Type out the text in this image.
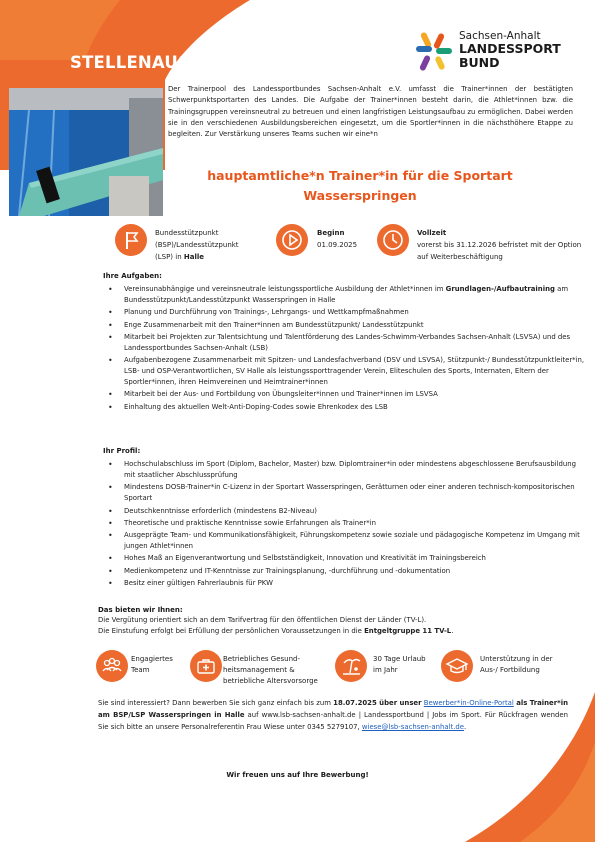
STELLENAUSSCHREIBUNG
Sachsen-Anhalt
LANDESSPORT
BUND
Der Trainerpool des Landessportbundes Sachsen-Anhalt e.V. umfasst die Trainer*innen der bestätigten Schwerpunktsportarten des Landes. Die Aufgabe der Trainer*innen besteht darin, die Athlet*innen bzw. die Trainingsgruppen vereinsneutral zu betreuen und einen langfristigen Leistungsaufbau zu ermöglichen. Dabei werden sie in den verschiedenen Ausbildungsbereichen eingesetzt, um die Sportler*innen in die nächsthöhere Etappe zu begleiten. Zur Verstärkung unseres Teams suchen wir eine*n
hauptamtliche*n Trainer*in für die Sportart
Wasserspringen
Bundesstützpunkt
(BSP)/Landesstützpunkt
(LSP) in Halle
Beginn
01.09.2025
Vollzeit
vorerst bis 31.12.2026 befristet mit der Option auf Weiterbeschäftigung
Ihre Aufgaben:
• Vereinsunabhängige und vereinsneutrale leistungssportliche Ausbildung der Athlet*innen im Grundlagen-/Aufbautraining am Bundesstützpunkt/Landesstützpunkt Wasserspringen in Halle
• Planung und Durchführung von Trainings-, Lehrgangs- und Wettkampfmaßnahmen
• Enge Zusammenarbeit mit den Trainer*innen am Bundesstützpunkt/ Landesstützpunkt
• Mitarbeit bei Projekten zur Talentsichtung und Talentförderung des Landes-Schwimm-Verbandes Sachsen-Anhalt (LSVSA) und des Landessportbundes Sachsen-Anhalt (LSB)
• Aufgabenbezogene Zusammenarbeit mit Spitzen- und Landesfachverband (DSV und LSVSA), Stützpunkt-/ Bundesstützpunktleiter*in, LSB- und OSP-Verantwortlichen, SV Halle als leistungssporttragender Verein, Eliteschulen des Sports, Internaten, Eltern der Sportler*innen, ihren Heimvereinen und Heimtrainer*innen
• Mitarbeit bei der Aus- und Fortbildung von Übungsleiter*innen und Trainer*innen im LSVSA
• Einhaltung des aktuellen Welt-Anti-Doping-Codes sowie Ehrenkodex des LSB
Ihr Profil:
• Hochschulabschluss im Sport (Diplom, Bachelor, Master) bzw. Diplomtrainer*in oder mindestens abgeschlossene Berufsausbildung mit staatlicher Abschlussprüfung
• Mindestens DOSB-Trainer*in C-Lizenz in der Sportart Wasserspringen, Gerätturnen oder einer anderen technisch-kompositorischen Sportart
• Deutschkenntnisse erforderlich (mindestens B2-Niveau)
• Theoretische und praktische Kenntnisse sowie Erfahrungen als Trainer*in
• Ausgeprägte Team- und Kommunikationsfähigkeit, Führungskompetenz sowie soziale und pädagogische Kompetenz im Umgang mit jungen Athlet*innen
• Hohes Maß an Eigenverantwortung und Selbstständigkeit, Innovation und Kreativität im Trainingsbereich
• Medienkompetenz und IT-Kenntnisse zur Trainingsplanung, -durchführung und -dokumentation
• Besitz einer gültigen Fahrerlaubnis für PKW
Das bieten wir Ihnen:
Die Vergütung orientiert sich an dem Tarifvertrag für den öffentlichen Dienst der Länder (TV-L).
Die Einstufung erfolgt bei Erfüllung der persönlichen Voraussetzungen in die Entgeltgruppe 11 TV-L.
Engagiertes
Team
Betriebliches Gesund-
heitsmanagement &
betriebliche Altersvorsorge
30 Tage Urlaub
im Jahr
Unterstützung in der
Aus-/ Fortbildung
Sie sind interessiert? Dann bewerben Sie sich ganz einfach bis zum 18.07.2025 über unser Bewerber*in-Online-Portal als Trainer*in am BSP/LSP Wasserspringen in Halle auf www.lsb-sachsen-anhalt.de | Landessportbund | Jobs im Sport. Für Rückfragen wenden Sie sich bitte an unsere Personalreferentin Frau Wiese unter 0345 5279107, wiese@lsb-sachsen-anhalt.de.
Wir freuen uns auf Ihre Bewerbung!
